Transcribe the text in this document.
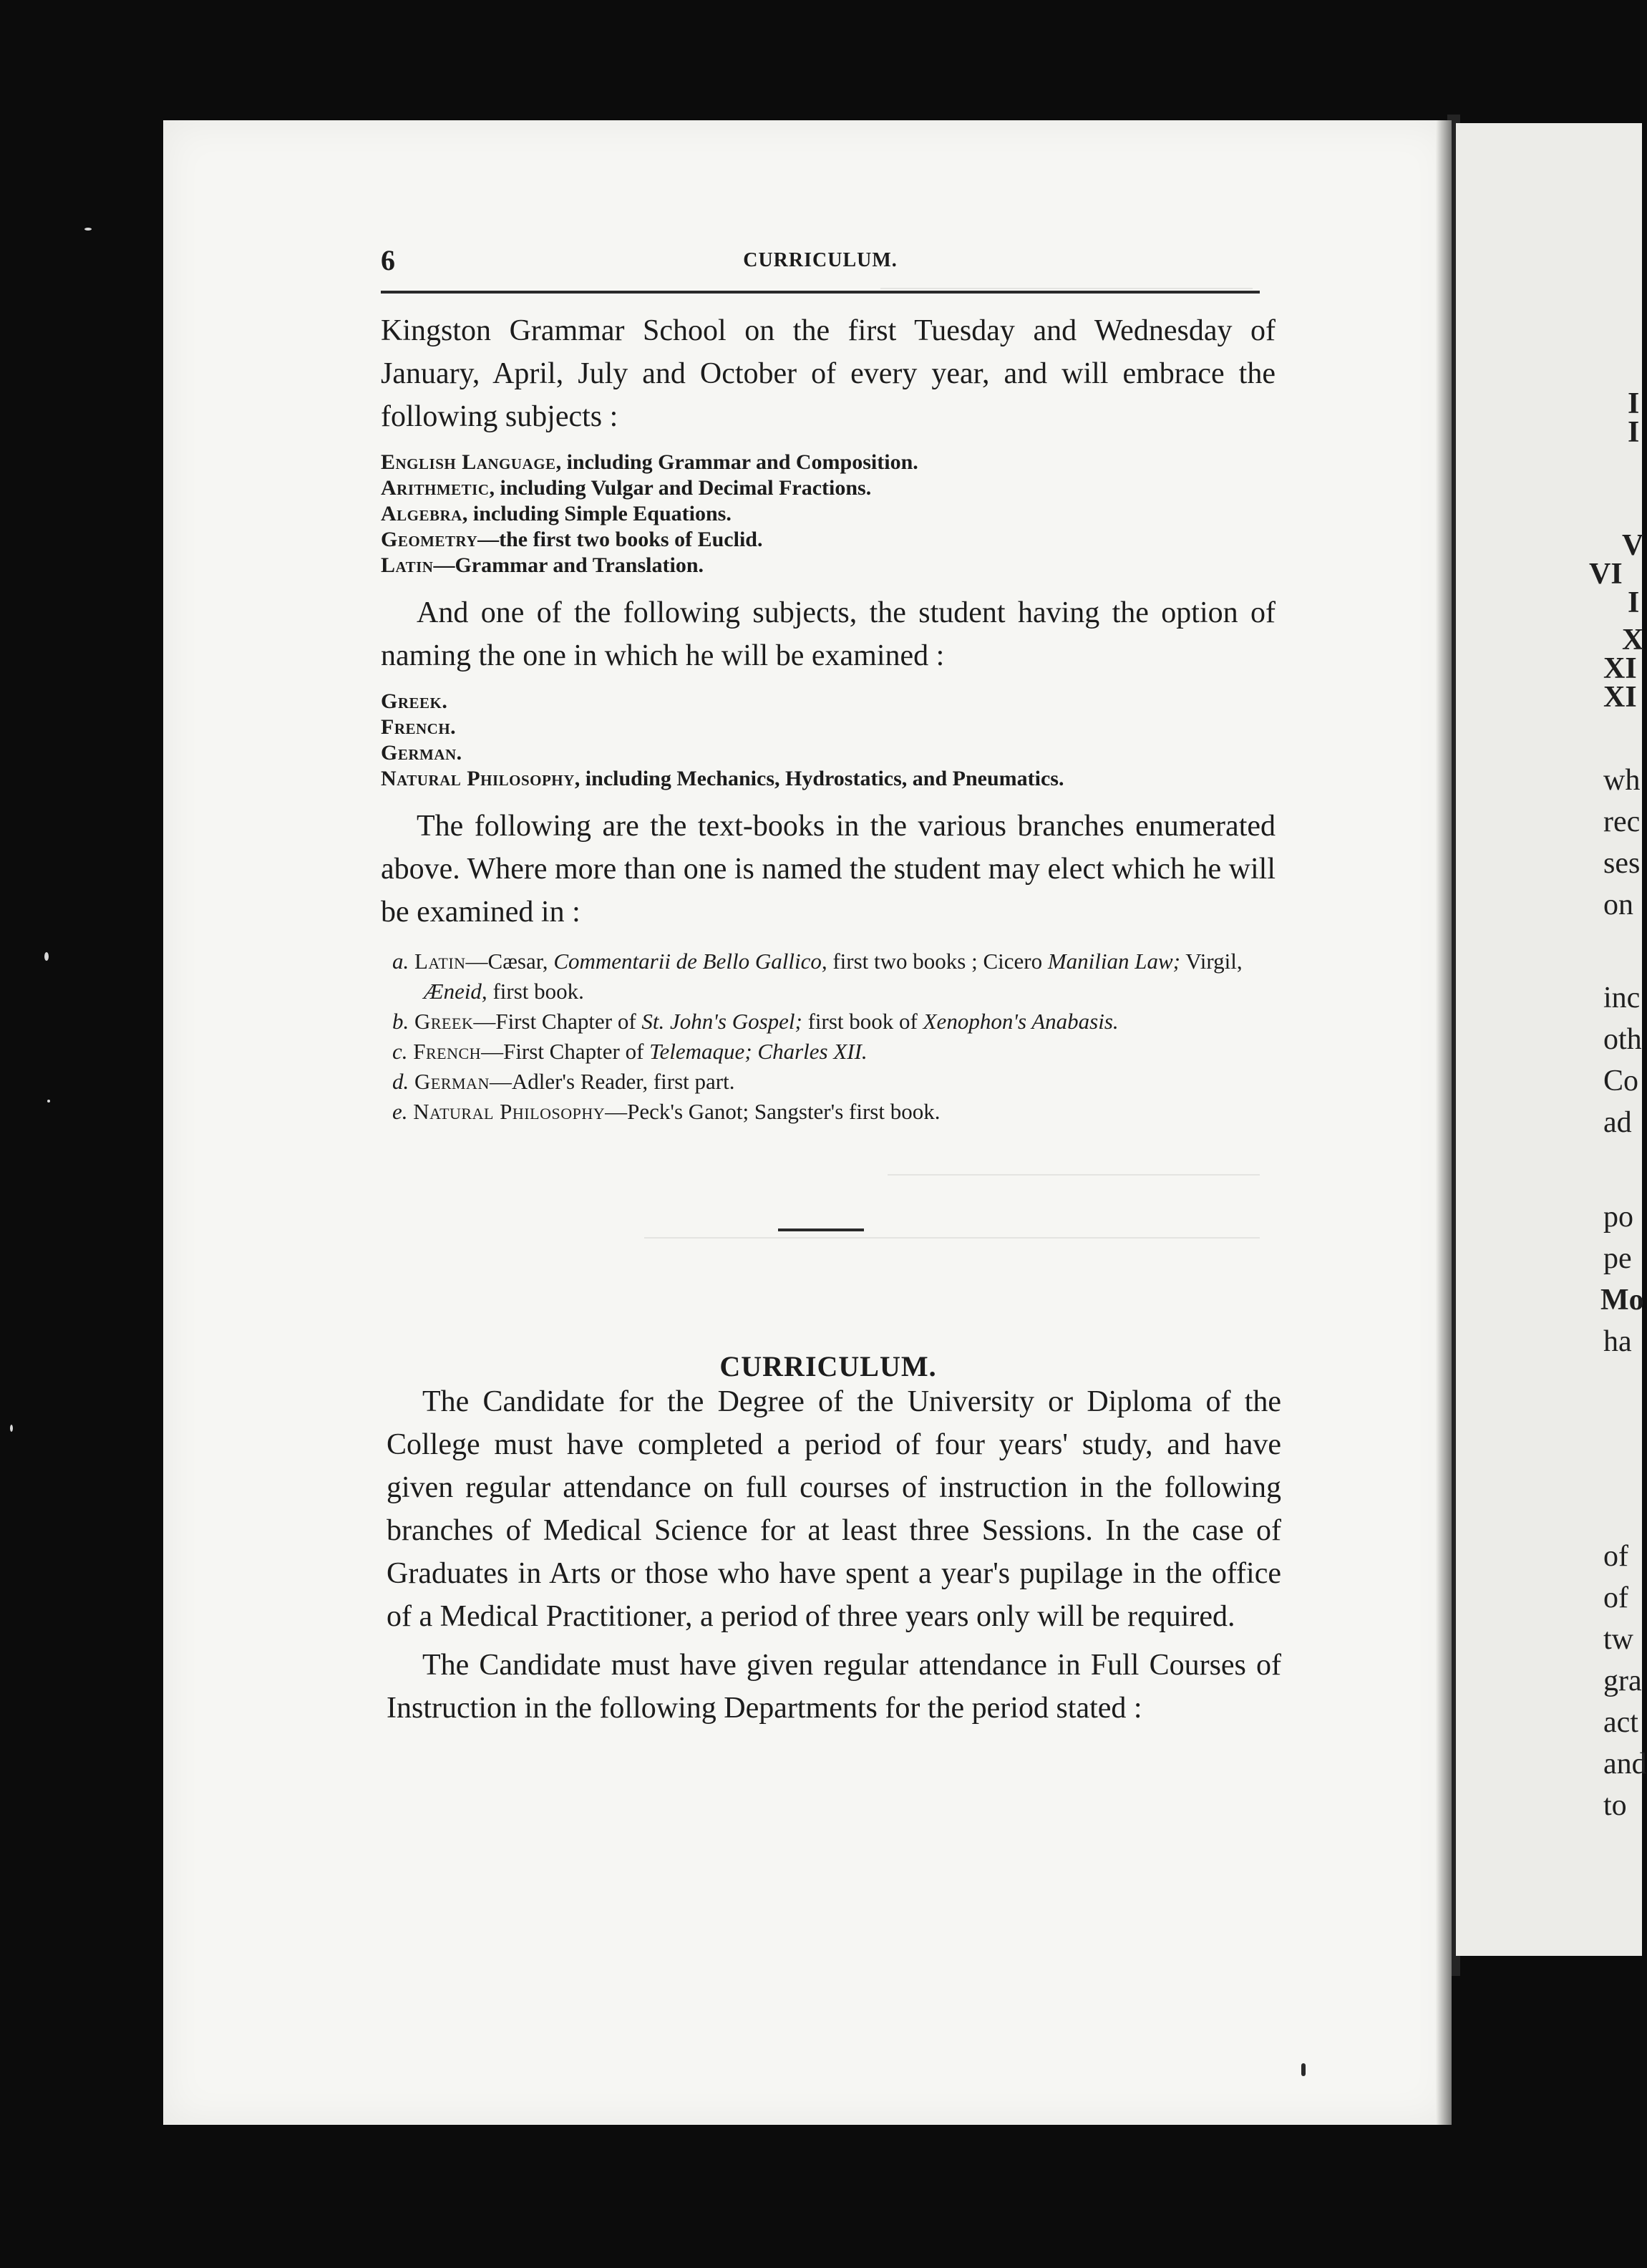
I
I
V
VI
I
X
XI
XI
wh
rec
ses
on
inc
oth
Co
ad
po
pe
Mo
ha
of
of
tw
gra
act
and
to
6	CURRICULUM.

Kingston Grammar School on the first Tuesday and Wednesday of January, April, July and October of every year, and will embrace the following subjects :

English Language, including Grammar and Composition.
Arithmetic, including Vulgar and Decimal Fractions.
Algebra, including Simple Equations.
Geometry—the first two books of Euclid.
Latin—Grammar and Translation.

And one of the following subjects, the student having the option of naming the one in which he will be examined :

Greek.
French.
German.
Natural Philosophy, including Mechanics, Hydrostatics, and Pneumatics.

The following are the text-books in the various branches enumerated above. Where more than one is named the student may elect which he will be examined in :

a. Latin—Cæsar, Commentarii de Bello Gallico, first two books ; Cicero Manilian Law; Virgil, Æneid, first book.
b. Greek—First Chapter of St. John's Gospel; first book of Xenophon's Anabasis.
c. French—First Chapter of Telemaque; Charles XII.
d. German—Adler's Reader, first part.
e. Natural Philosophy—Peck's Ganot; Sangster's first book.
CURRICULUM.

The Candidate for the Degree of the University or Diploma of the College must have completed a period of four years' study, and have given regular attendance on full courses of instruction in the following branches of Medical Science for at least three Sessions. In the case of Graduates in Arts or those who have spent a year's pupilage in the office of a Medical Practitioner, a period of three years only will be required.

The Candidate must have given regular attendance in Full Courses of Instruction in the following Departments for the period stated :
